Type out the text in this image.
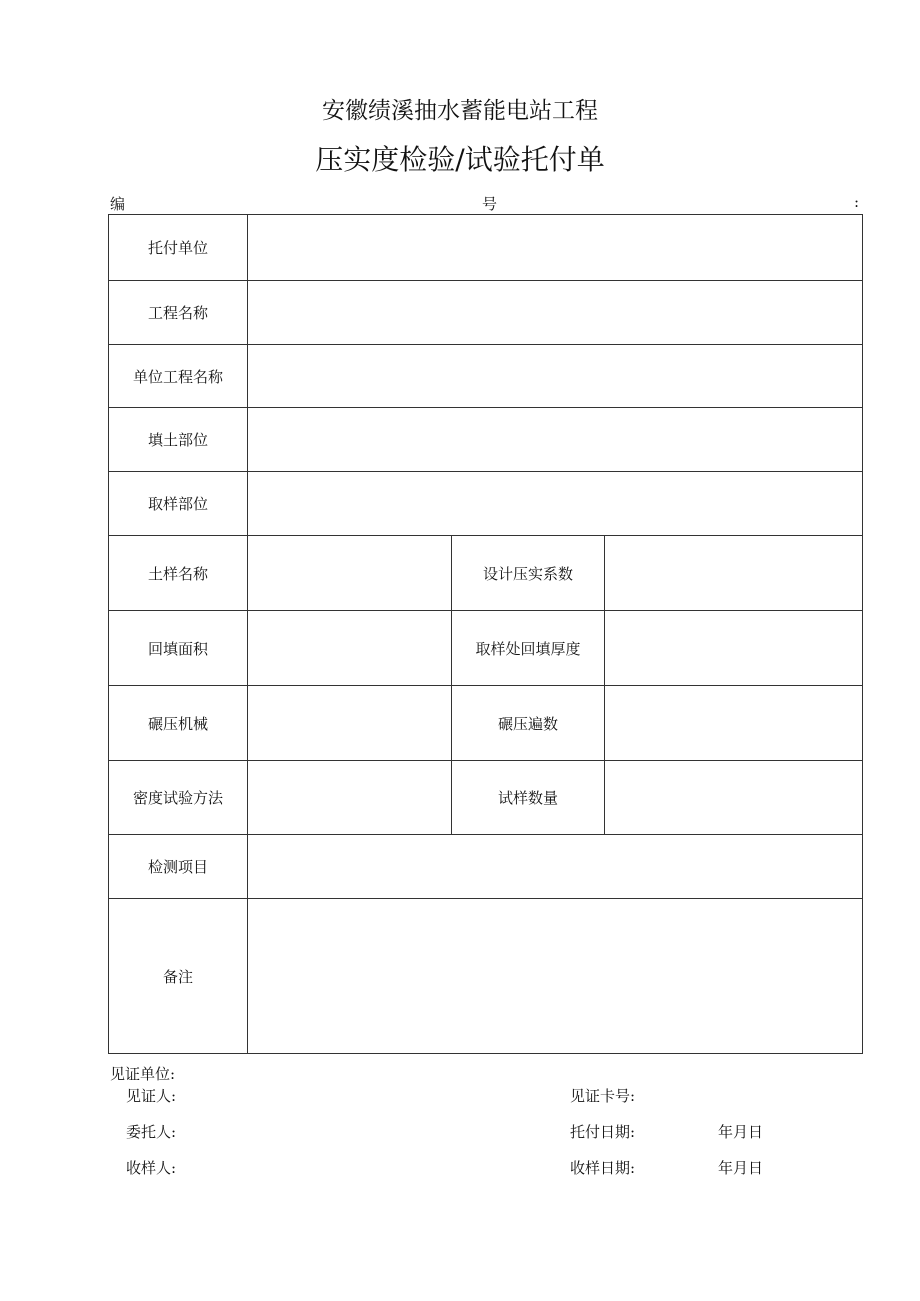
安徽绩溪抽水蓄能电站工程
压实度检验/试验托付单
编	号	:
托付单位			
工程名称			
单位工程名称			
填土部位			
取样部位			
土样名称		设计压实系数	
回填面积		取样处回填厚度	
碾压机械		碾压遍数	
密度试验方法		试样数量	
检测项目			
备注			
见证单位:
见证人:	见证卡号:
委托人:	托付日期:	年月日
收样人:	收样日期:	年月日
